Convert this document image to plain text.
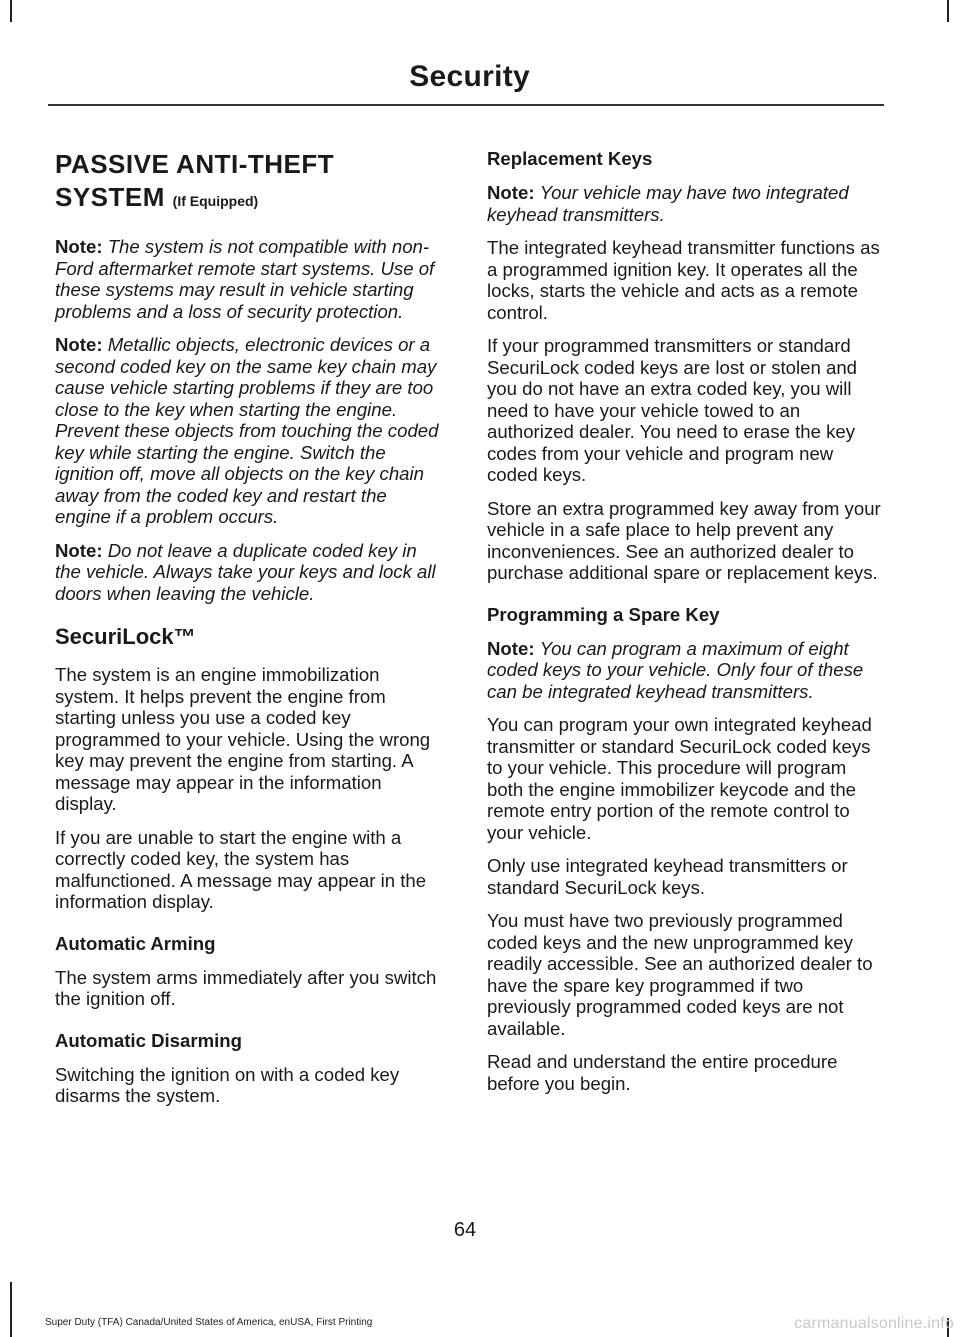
Security
PASSIVE ANTI-THEFT SYSTEM (If Equipped)

Note: The system is not compatible with non-Ford aftermarket remote start systems. Use of these systems may result in vehicle starting problems and a loss of security protection.

Note: Metallic objects, electronic devices or a second coded key on the same key chain may cause vehicle starting problems if they are too close to the key when starting the engine. Prevent these objects from touching the coded key while starting the engine. Switch the ignition off, move all objects on the key chain away from the coded key and restart the engine if a problem occurs.

Note: Do not leave a duplicate coded key in the vehicle. Always take your keys and lock all doors when leaving the vehicle.

SecuriLock™

The system is an engine immobilization system. It helps prevent the engine from starting unless you use a coded key programmed to your vehicle. Using the wrong key may prevent the engine from starting. A message may appear in the information display.

If you are unable to start the engine with a correctly coded key, the system has malfunctioned. A message may appear in the information display.

Automatic Arming

The system arms immediately after you switch the ignition off.

Automatic Disarming

Switching the ignition on with a coded key disarms the system.

Replacement Keys

Note: Your vehicle may have two integrated keyhead transmitters.

The integrated keyhead transmitter functions as a programmed ignition key. It operates all the locks, starts the vehicle and acts as a remote control.

If your programmed transmitters or standard SecuriLock coded keys are lost or stolen and you do not have an extra coded key, you will need to have your vehicle towed to an authorized dealer. You need to erase the key codes from your vehicle and program new coded keys.

Store an extra programmed key away from your vehicle in a safe place to help prevent any inconveniences. See an authorized dealer to purchase additional spare or replacement keys.

Programming a Spare Key

Note: You can program a maximum of eight coded keys to your vehicle. Only four of these can be integrated keyhead transmitters.

You can program your own integrated keyhead transmitter or standard SecuriLock coded keys to your vehicle. This procedure will program both the engine immobilizer keycode and the remote entry portion of the remote control to your vehicle.

Only use integrated keyhead transmitters or standard SecuriLock keys.

You must have two previously programmed coded keys and the new unprogrammed key readily accessible. See an authorized dealer to have the spare key programmed if two previously programmed coded keys are not available.

Read and understand the entire procedure before you begin.

64
Super Duty (TFA) Canada/United States of America, enUSA, First Printing	carmanualsonline.info
